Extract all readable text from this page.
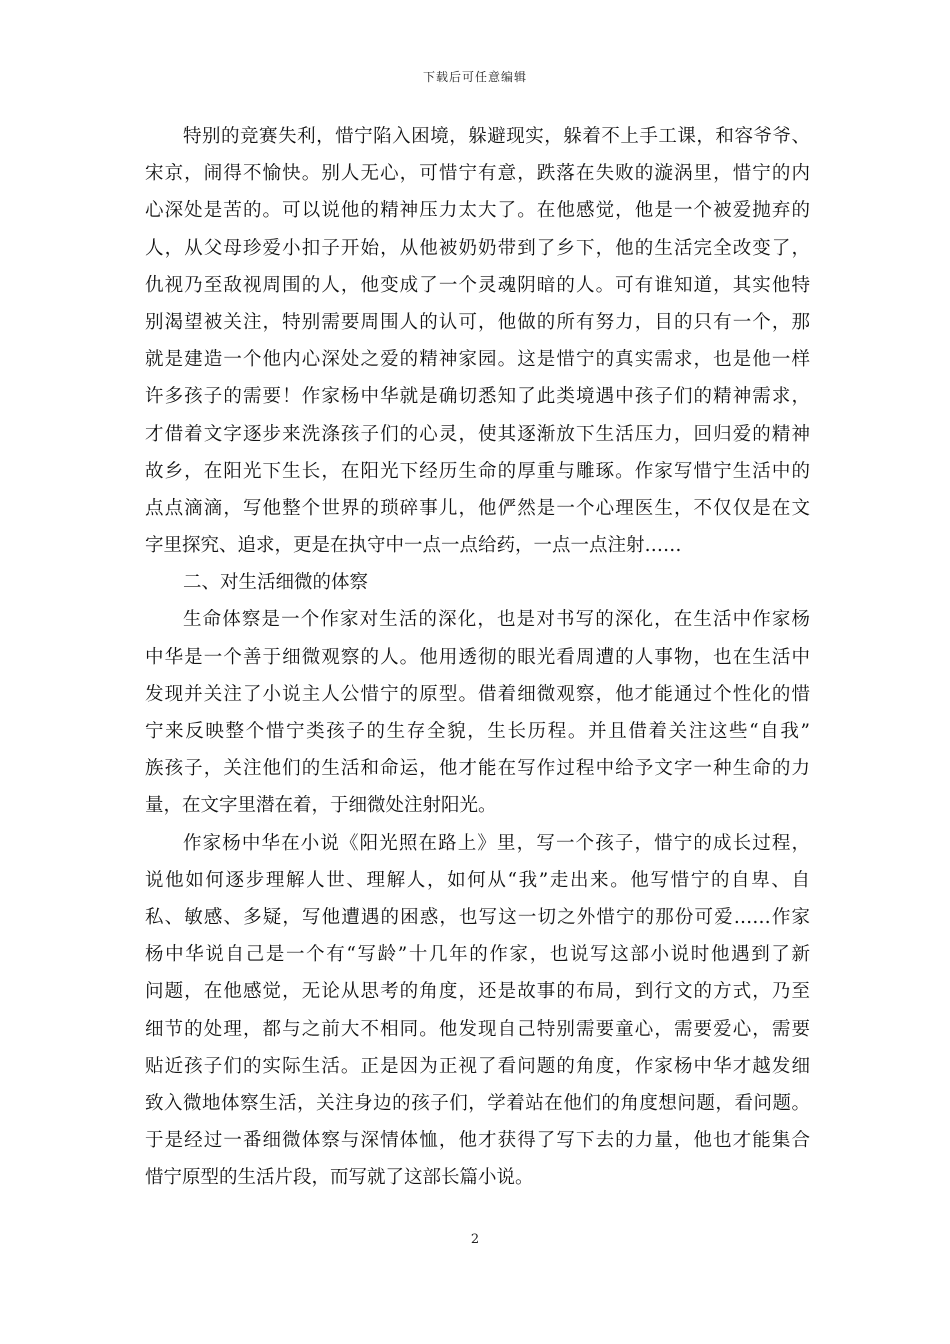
下载后可任意编辑
特别的竞赛失利，惜宁陷入困境，躲避现实，躲着不上手工课，和容爷爷、
宋京，闹得不愉快。别人无心，可惜宁有意，跌落在失败的漩涡里，惜宁的内
心深处是苦的。可以说他的精神压力太大了。在他感觉，他是一个被爱抛弃的
人，从父母珍爱小扣子开始，从他被奶奶带到了乡下，他的生活完全改变了，
仇视乃至敌视周围的人，他变成了一个灵魂阴暗的人。可有谁知道，其实他特
别渴望被关注，特别需要周围人的认可，他做的所有努力，目的只有一个，那
就是建造一个他内心深处之爱的精神家园。这是惜宁的真实需求，也是他一样
许多孩子的需要！作家杨中华就是确切悉知了此类境遇中孩子们的精神需求，
才借着文字逐步来洗涤孩子们的心灵，使其逐渐放下生活压力，回归爱的精神
故乡，在阳光下生长，在阳光下经历生命的厚重与雕琢。作家写惜宁生活中的
点点滴滴，写他整个世界的琐碎事儿，他俨然是一个心理医生，不仅仅是在文
字里探究、追求，更是在执守中一点一点给药，一点一点注射……
二、对生活细微的体察
生命体察是一个作家对生活的深化，也是对书写的深化，在生活中作家杨
中华是一个善于细微观察的人。他用透彻的眼光看周遭的人事物，也在生活中
发现并关注了小说主人公惜宁的原型。借着细微观察，他才能通过个性化的惜
宁来反映整个惜宁类孩子的生存全貌，生长历程。并且借着关注这些“自我”
族孩子，关注他们的生活和命运，他才能在写作过程中给予文字一种生命的力
量，在文字里潜在着，于细微处注射阳光。
作家杨中华在小说《阳光照在路上》里，写一个孩子，惜宁的成长过程，
说他如何逐步理解人世、理解人，如何从“我”走出来。他写惜宁的自卑、自
私、敏感、多疑，写他遭遇的困惑，也写这一切之外惜宁的那份可爱……作家
杨中华说自己是一个有“写龄”十几年的作家，也说写这部小说时他遇到了新
问题，在他感觉，无论从思考的角度，还是故事的布局，到行文的方式，乃至
细节的处理，都与之前大不相同。他发现自己特别需要童心，需要爱心，需要
贴近孩子们的实际生活。正是因为正视了看问题的角度，作家杨中华才越发细
致入微地体察生活，关注身边的孩子们，学着站在他们的角度想问题，看问题。
于是经过一番细微体察与深情体恤，他才获得了写下去的力量，他也才能集合
惜宁原型的生活片段，而写就了这部长篇小说。
2
